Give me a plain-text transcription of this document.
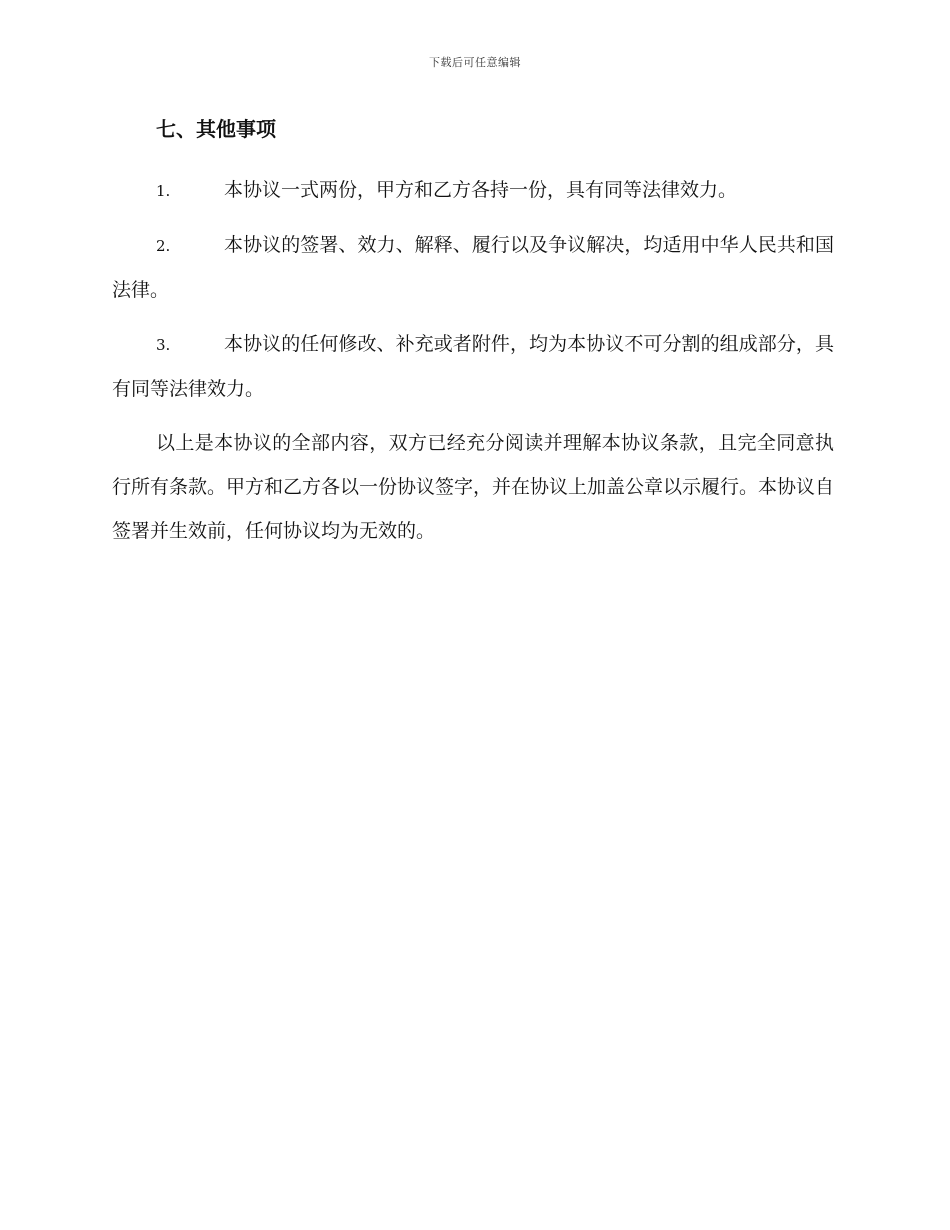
下载后可任意编辑
七、其他事项

1.	本协议一式两份，甲方和乙方各持一份，具有同等法律效力。

2.	本协议的签署、效力、解释、履行以及争议解决，均适用中华人民共和国法律。

3.	本协议的任何修改、补充或者附件，均为本协议不可分割的组成部分，具有同等法律效力。

以上是本协议的全部内容，双方已经充分阅读并理解本协议条款，且完全同意执行所有条款。甲方和乙方各以一份协议签字，并在协议上加盖公章以示履行。本协议自签署并生效前，任何协议均为无效的。
